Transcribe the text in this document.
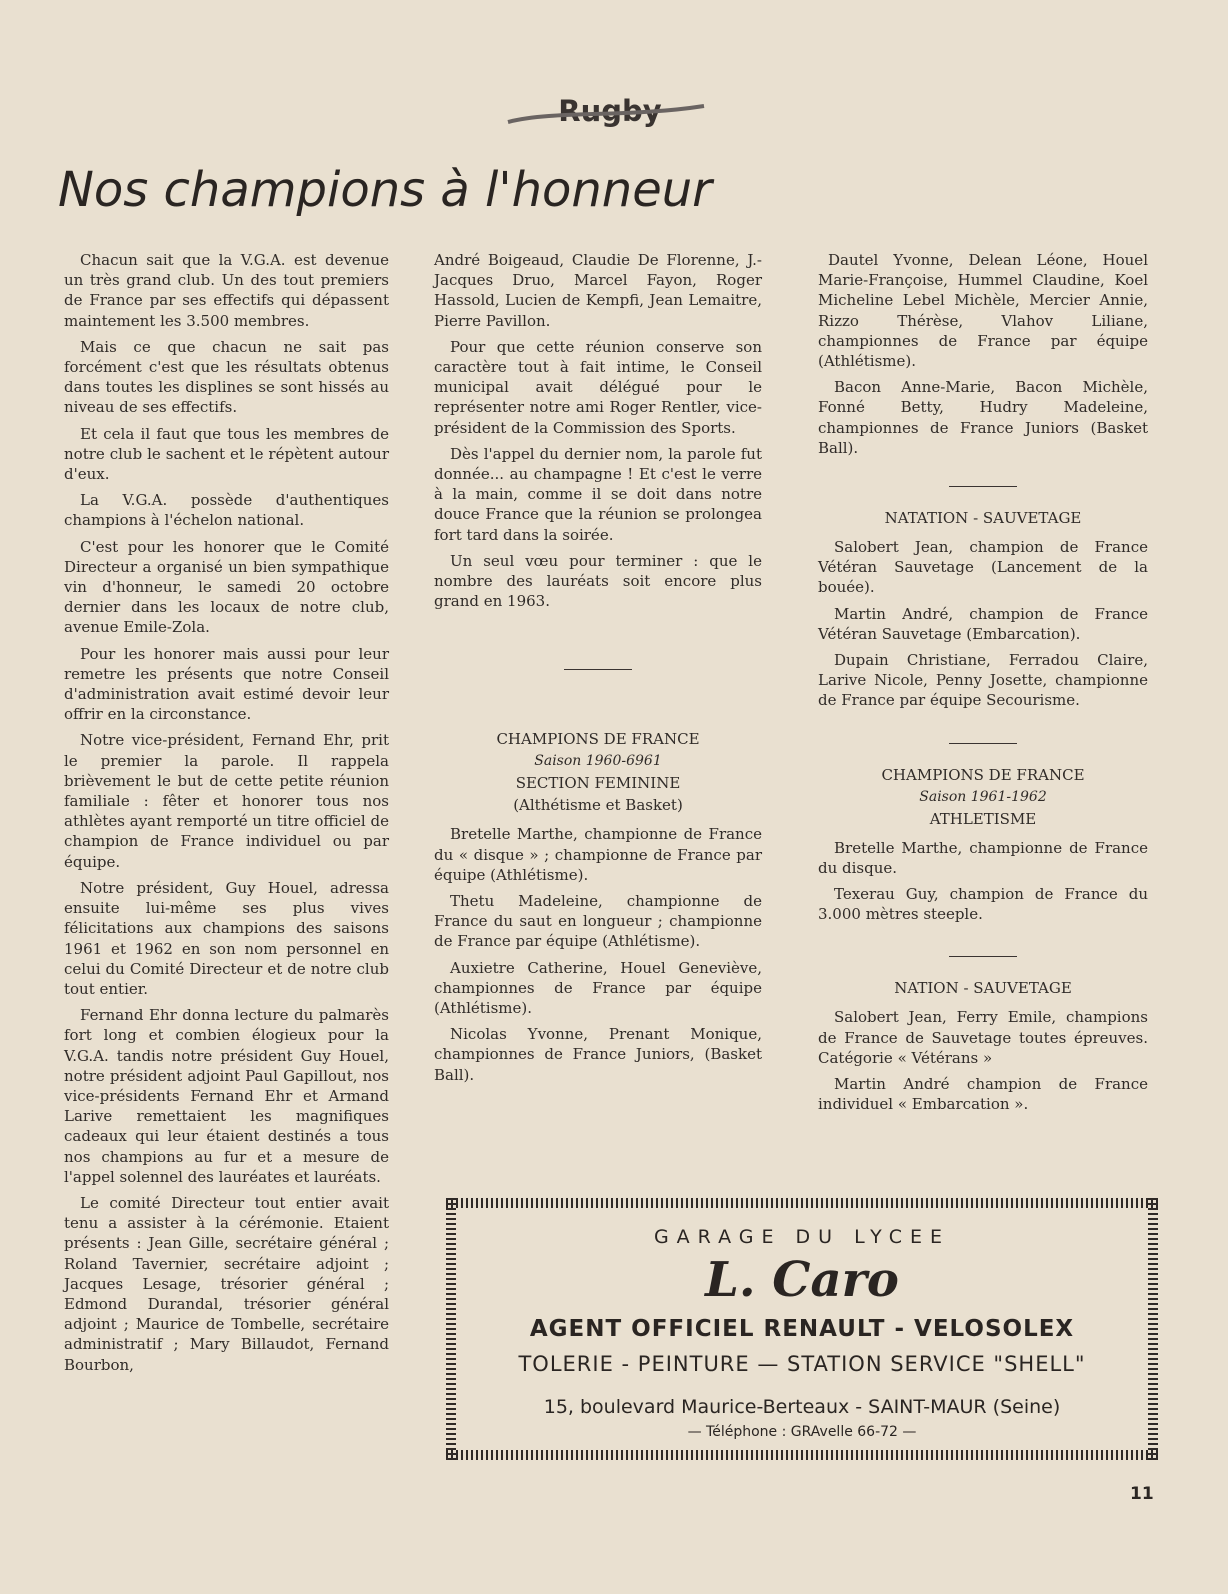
Rugby
Nos champions à l'honneur

Chacun sait que la V.G.A. est devenue un très grand club. Un des tout premiers de France par ses effectifs qui dépassent maintement les 3.500 membres.

Mais ce que chacun ne sait pas forcément c'est que les résultats obtenus dans toutes les displines se sont hissés au niveau de ses effectifs.

Et cela il faut que tous les membres de notre club le sachent et le répètent autour d'eux.

La V.G.A. possède d'authentiques champions à l'échelon national.

C'est pour les honorer que le Comité Directeur a organisé un bien sympathique vin d'honneur, le samedi 20 octobre dernier dans les locaux de notre club, avenue Emile-Zola.

Pour les honorer mais aussi pour leur remetre les présents que notre Conseil d'administration avait estimé devoir leur offrir en la circonstance.

Notre vice-président, Fernand Ehr, prit le premier la parole. Il rappela brièvement le but de cette petite réunion familiale : fêter et honorer tous nos athlètes ayant remporté un titre officiel de champion de France individuel ou par équipe.

Notre président, Guy Houel, adressa ensuite lui-même ses plus vives félicitations aux champions des saisons 1961 et 1962 en son nom personnel en celui du Comité Directeur et de notre club tout entier.

Fernand Ehr donna lecture du palmarès fort long et combien élogieux pour la V.G.A. tandis notre président Guy Houel, notre président adjoint Paul Gapillout, nos vice-présidents Fernand Ehr et Armand Larive remettaient les magnifiques cadeaux qui leur étaient destinés a tous nos champions au fur et a mesure de l'appel solennel des lauréates et lauréats.

Le comité Directeur tout entier avait tenu a assister à la cérémonie. Etaient présents : Jean Gille, secrétaire général ; Roland Tavernier, secrétaire adjoint ; Jacques Lesage, trésorier général ; Edmond Durandal, trésorier général adjoint ; Maurice de Tombelle, secrétaire administratif ; Mary Billaudot, Fernand Bourbon,

André Boigeaud, Claudie De Florenne, J.-Jacques Druo, Marcel Fayon, Roger Hassold, Lucien de Kempfi, Jean Lemaitre, Pierre Pavillon.

Pour que cette réunion conserve son caractère tout à fait intime, le Conseil municipal avait délégué pour le représenter notre ami Roger Rentler, vice-président de la Commission des Sports.

Dès l'appel du dernier nom, la parole fut donnée... au champagne ! Et c'est le verre à la main, comme il se doit dans notre douce France que la réunion se prolongea fort tard dans la soirée.

Un seul vœu pour terminer : que le nombre des lauréats soit encore plus grand en 1963.

CHAMPIONS DE FRANCE
Saison 1960-6961
SECTION FEMININE
(Althétisme et Basket)

Bretelle Marthe, championne de France du « disque » ; championne de France par équipe (Athlétisme).

Thetu Madeleine, championne de France du saut en longueur ; championne de France par équipe (Athlétisme).

Auxietre Catherine, Houel Geneviève, championnes de France par équipe (Athlétisme).

Nicolas Yvonne, Prenant Monique, championnes de France Juniors, (Basket Ball).

Dautel Yvonne, Delean Léone, Houel Marie-Françoise, Hummel Claudine, Koel Micheline Lebel Michèle, Mercier Annie, Rizzo Thérèse, Vlahov Liliane, championnes de France par équipe (Athlétisme).

Bacon Anne-Marie, Bacon Michèle, Fonné Betty, Hudry Madeleine, championnes de France Juniors (Basket Ball).

NATATION - SAUVETAGE

Salobert Jean, champion de France Vétéran Sauvetage (Lancement de la bouée).

Martin André, champion de France Vétéran Sauvetage (Embarcation).

Dupain Christiane, Ferradou Claire, Larive Nicole, Penny Josette, championne de France par équipe Secourisme.

CHAMPIONS DE FRANCE
Saison 1961-1962
ATHLETISME

Bretelle Marthe, championne de France du disque.

Texerau Guy, champion de France du 3.000 mètres steeple.

NATION - SAUVETAGE

Salobert Jean, Ferry Emile, champions de France de Sauvetage toutes épreuves. Catégorie « Vétérans »

Martin André champion de France individuel « Embarcation ».

GARAGE DU LYCEE
L. Caro
AGENT OFFICIEL RENAULT - VELOSOLEX
TOLERIE - PEINTURE — STATION SERVICE "SHELL"
15, boulevard Maurice-Berteaux - SAINT-MAUR (Seine)
— Téléphone : GRAvelle 66-72 —
11
